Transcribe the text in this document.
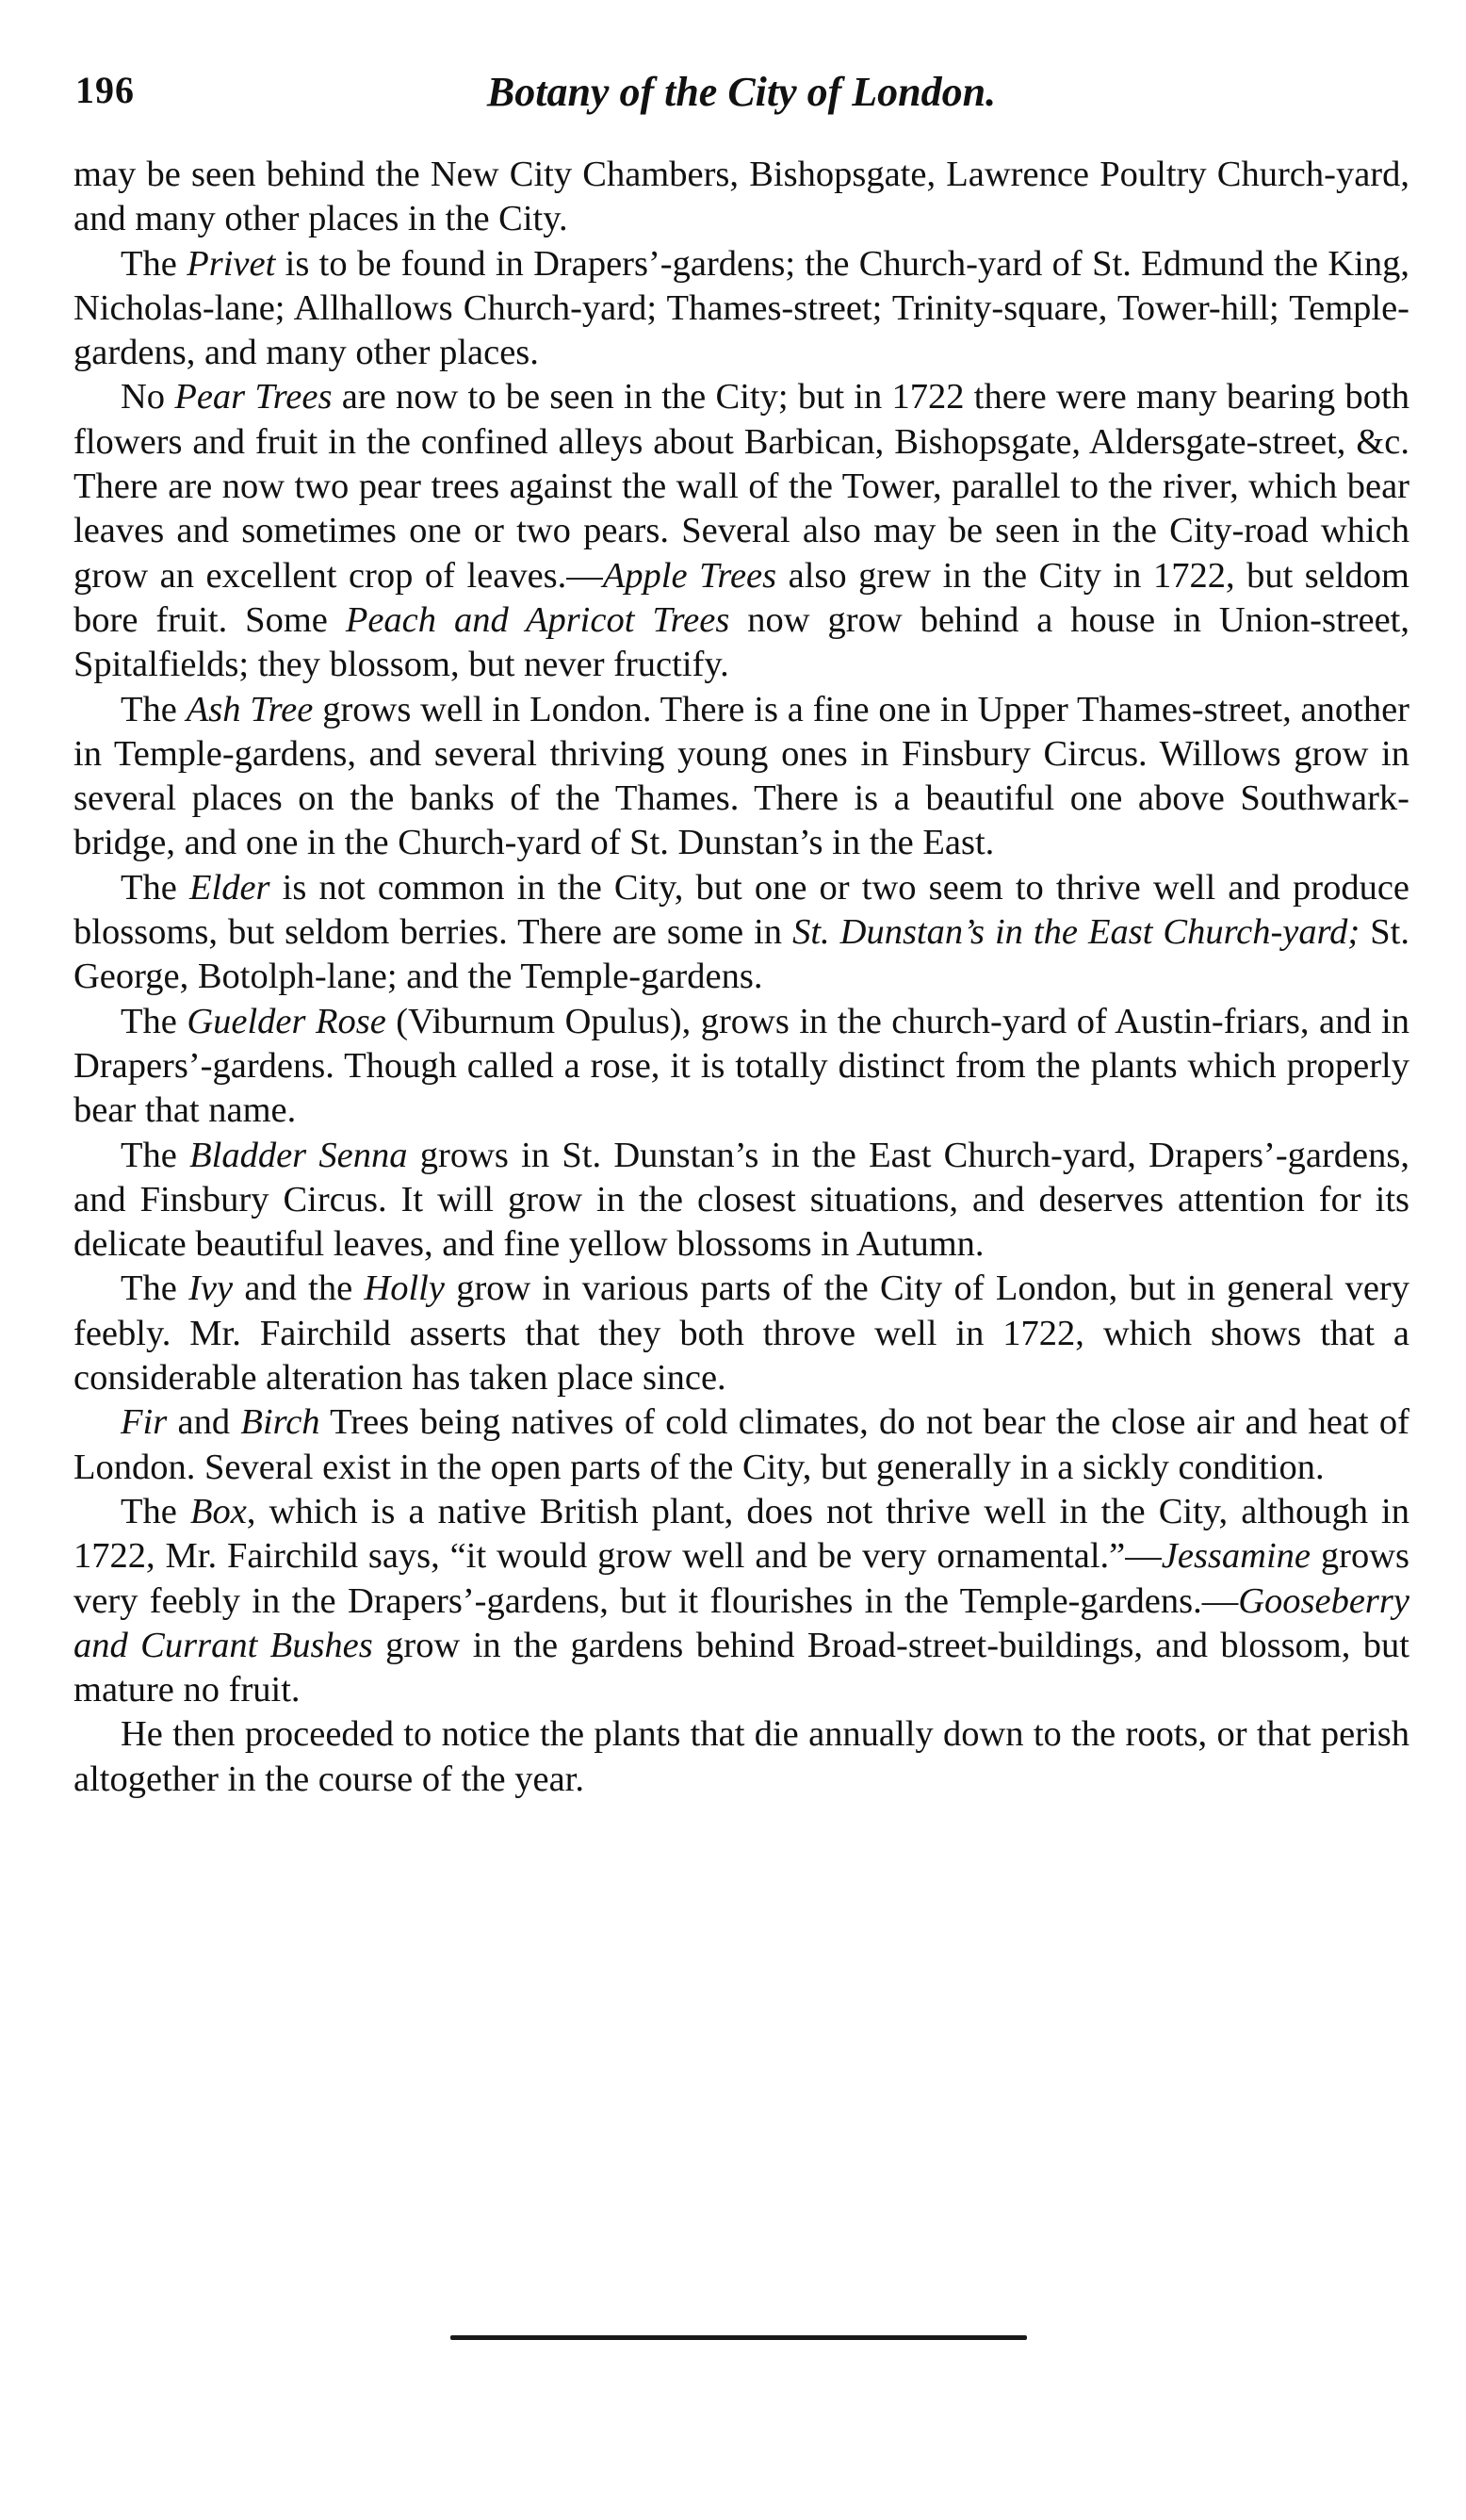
196	Botany of the City of London.

may be seen behind the New City Chambers, Bishopsgate, Lawrence Poultry Church-yard, and many other places in the City.

The Privet is to be found in Drapers’-gardens; the Church-yard of St. Edmund the King, Nicholas-lane; Allhallows Church-yard; Thames-street; Trinity-square, Tower-hill; Temple-gardens, and many other places.

No Pear Trees are now to be seen in the City; but in 1722 there were many bearing both flowers and fruit in the confined alleys about Barbican, Bishopsgate, Aldersgate-street, &c. There are now two pear trees against the wall of the Tower, parallel to the river, which bear leaves and sometimes one or two pears. Several also may be seen in the City-road which grow an excellent crop of leaves.—Apple Trees also grew in the City in 1722, but seldom bore fruit. Some Peach and Apricot Trees now grow behind a house in Union-street, Spitalfields; they blossom, but never fructify.

The Ash Tree grows well in London. There is a fine one in Upper Thames-street, another in Temple-gardens, and several thriving young ones in Finsbury Circus. Willows grow in several places on the banks of the Thames. There is a beautiful one above Southwark-bridge, and one in the Church-yard of St. Dunstan’s in the East.

The Elder is not common in the City, but one or two seem to thrive well and produce blossoms, but seldom berries. There are some in St. Dunstan’s in the East Church-yard; St. George, Botolph-lane; and the Temple-gardens.

The Guelder Rose (Viburnum Opulus), grows in the church-yard of Austin-friars, and in Drapers’-gardens. Though called a rose, it is totally distinct from the plants which properly bear that name.

The Bladder Senna grows in St. Dunstan’s in the East Church-yard, Drapers’-gardens, and Finsbury Circus. It will grow in the closest situations, and deserves attention for its delicate beautiful leaves, and fine yellow blossoms in Autumn.

The Ivy and the Holly grow in various parts of the City of London, but in general very feebly. Mr. Fairchild asserts that they both throve well in 1722, which shows that a considerable alteration has taken place since.

Fir and Birch Trees being natives of cold climates, do not bear the close air and heat of London. Several exist in the open parts of the City, but generally in a sickly condition.

The Box, which is a native British plant, does not thrive well in the City, although in 1722, Mr. Fairchild says, “it would grow well and be very ornamental.”—Jessamine grows very feebly in the Drapers’-gardens, but it flourishes in the Temple-gardens.—Gooseberry and Currant Bushes grow in the gardens behind Broad-street-buildings, and blossom, but mature no fruit.

He then proceeded to notice the plants that die annually down to the roots, or that perish altogether in the course of the year.
